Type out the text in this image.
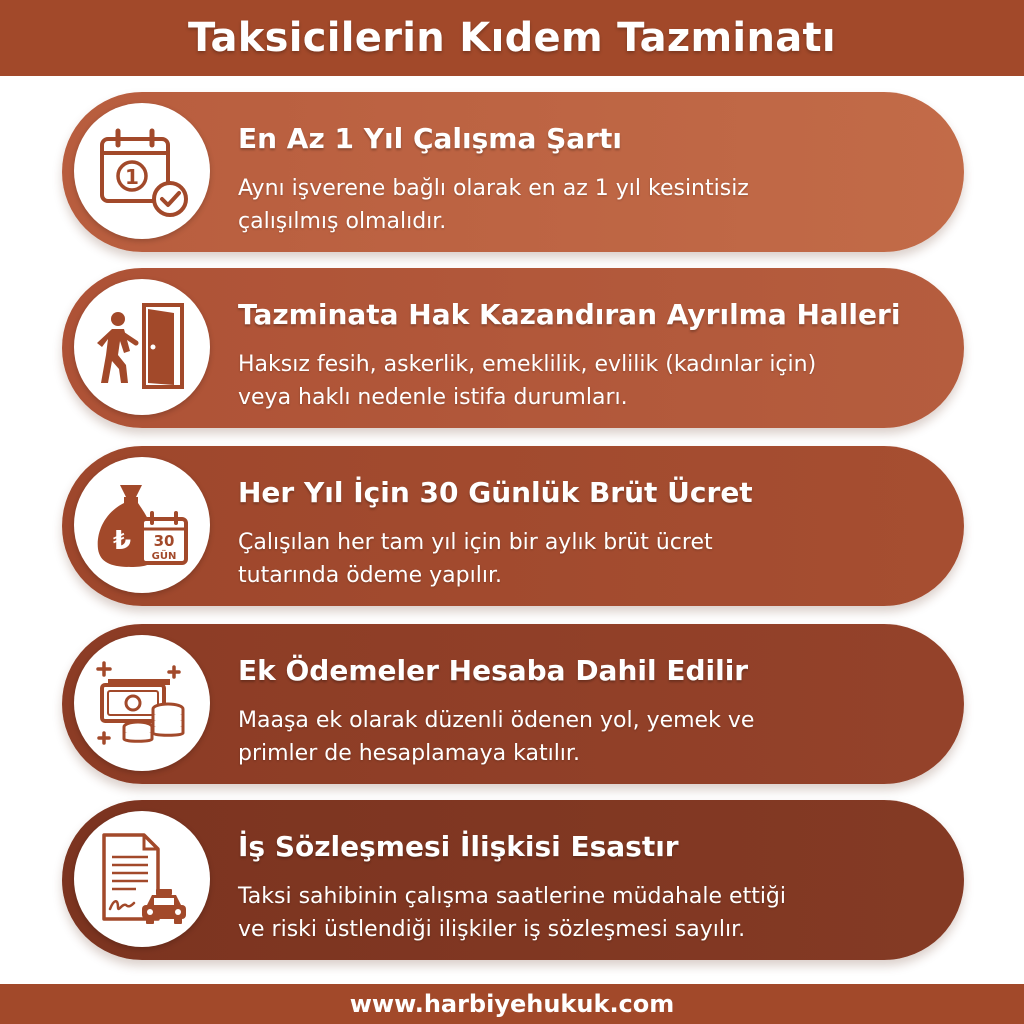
Taksicilerin Kıdem Tazminatı
1
En Az 1 Yıl Çalışma Şartı

Aynı işverene bağlı olarak en az 1 yıl kesintisiz
çalışılmış olmalıdır.

Tazminata Hak Kazandıran Ayrılma Halleri

Haksız fesih, askerlik, emeklilik, evlilik (kadınlar için)
veya haklı nedenle istifa durumları.

₺ 30
GÜN
Her Yıl İçin 30 Günlük Brüt Ücret

Çalışılan her tam yıl için bir aylık brüt ücret
tutarında ödeme yapılır.

Ek Ödemeler Hesaba Dahil Edilir

Maaşa ek olarak düzenli ödenen yol, yemek ve
primler de hesaplamaya katılır.

İş Sözleşmesi İlişkisi Esastır

Taksi sahibinin çalışma saatlerine müdahale ettiği
ve riski üstlendiği ilişkiler iş sözleşmesi sayılır.

www.harbiyehukuk.com
